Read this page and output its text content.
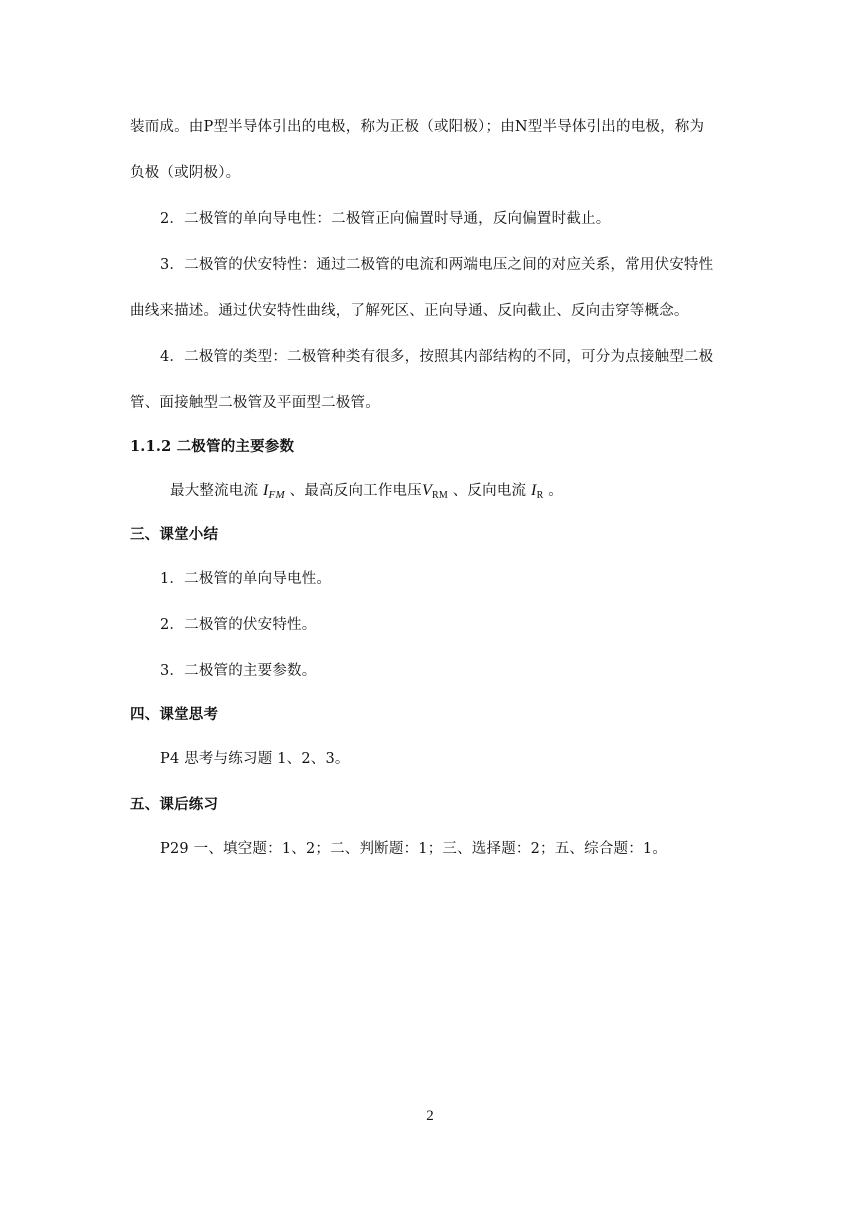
装而成。由P型半导体引出的电极，称为正极（或阳极）；由N型半导体引出的电极，称为
负极（或阴极）。
2．二极管的单向导电性：二极管正向偏置时导通，反向偏置时截止。
3．二极管的伏安特性：通过二极管的电流和两端电压之间的对应关系，常用伏安特性
曲线来描述。通过伏安特性曲线，了解死区、正向导通、反向截止、反向击穿等概念。
4．二极管的类型：二极管种类有很多，按照其内部结构的不同，可分为点接触型二极
管、面接触型二极管及平面型二极管。
1.1.2 二极管的主要参数
最大整流电流 IFM 、最高反向工作电压$V_{RM}$ 、反向电流 $I_R$ 。
三、课堂小结
1．二极管的单向导电性。
2．二极管的伏安特性。
3．二极管的主要参数。
四、课堂思考
P4 思考与练习题 1、2、3。
五、课后练习
P29 一、填空题：1、2；二、判断题：1；三、选择题：2；五、综合题：1。
2
